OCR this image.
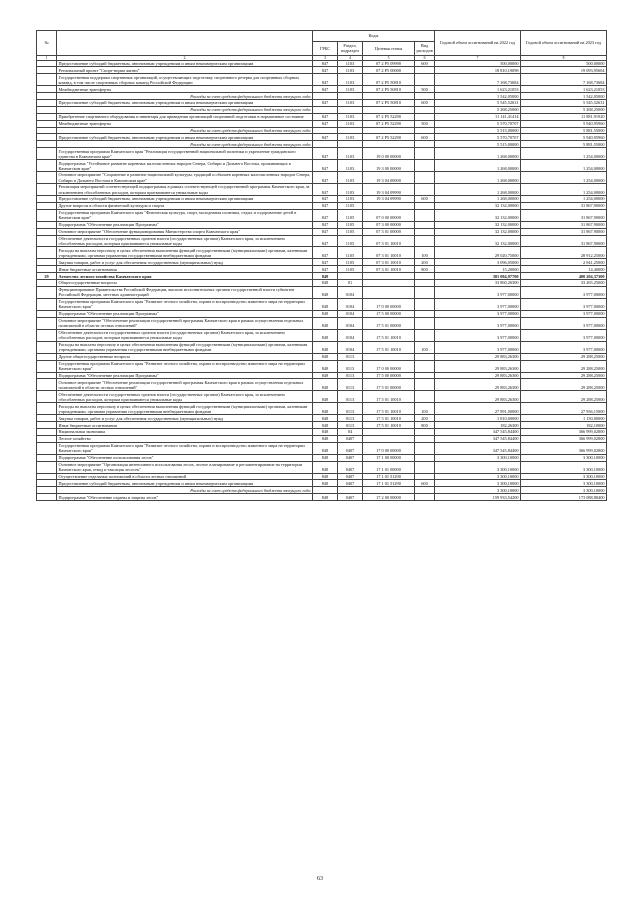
№		Коды				Годовой объем ассигнований на 2022 год	Годовой объем ассигнований на 2023 год
		ГРБС	Раздел, подраздел	Целевая статья	Вид расходов		
1	2	3	4	5	6	7	8
	Предоставление субсидий бюджетным, автономным учреждениям и иным некоммерческим организациям	847	1103	07 2 Р5 09990	600	500,00000	500,00000
	Региональный проект "Спорт-норма жизни"	847	1103	07 2 Р5 00000		18 810,19098	19 093,95604
	Государственная поддержка спортивных организаций, осуществляющих подготовку спортивного резерва для спортивных сборных команд, в том числе спортивных сборных команд Российской Федерации	847	1103	07 2 Р5 50810		7 168,73684	7 168,73684
	Межбюджетные трансферты	847	1103	07 2 Р5 50810	500	1 623,21053	1 623,21053
	Расходы за счет средств федерального бюджета текущего года					1 542,05000	1 542,05000
	Предоставление субсидий бюджетным, автономным учреждениям и иным некоммерческим организациям	847	1103	07 2 Р5 50810	600	5 545,52631	5 545,52631
	Расходы за счет средств федерального бюджета текущего года					5 268,25000	5 268,25000
	Приобретение спортивного оборудования и инвентаря для приведения организаций спортивной подготовки в нормативное состояние	847	1103	07 2 Р5 52290		11 141,41414	11 881,91920
	Межбюджетные трансферты	847	1103	07 2 Р5 52290	500	5 570,70707	5 940,95960
	Расходы за счет средств федерального бюджета текущего года					5 515,00000	5 881,55000
	Предоставление субсидий бюджетным, автономным учреждениям и иным некоммерческим организациям	847	1103	07 2 Р5 52290	600	5 570,70707	5 940,95960
	Расходы за счет средств федерального бюджета текущего года					5 515,00000	5 881,55000
	Государственная программа Камчатского края "Реализация государственной национальной политики и укрепление гражданского единства в Камчатском крае"	847	1103	19 0 00 00000		1 268,00000	1 254,00000
	Подпрограмма "Устойчивое развитие коренных малочисленных народов Севера, Сибири и Дальнего Востока, проживающих в Камчатском крае"	847	1103	19 3 00 00000		1 268,00000	1 254,00000
	Основное мероприятие "Сохранение и развитие национальной культуры, традиций и обычаев коренных малочисленных народов Севера, Сибири и Дальнего Востока в Камчатском крае"	847	1103	19 3 04 00000		1 268,00000	1 254,00000
	Реализация мероприятий соответствующей подпрограммы в рамках соответствующей государственной программы Камчатского края, за исключением обособленных расходов, которым присваиваются уникальные коды	847	1103	19 3 04 09990		1 268,00000	1 254,00000
	Предоставление субсидий бюджетным, автономным учреждениям и иным некоммерческим организациям	847	1103	19 3 04 09990	600	1 268,00000	1 254,00000
	Другие вопросы в области физической культуры и спорта	847	1105			32 132,00000	31 867,90000
	Государственная программа Камчатского края "Физическая культура, спорт, молодежная политика, отдых и оздоровление детей в Камчатском крае"	847	1105	07 0 00 00000		32 132,00000	31 867,90000
	Подпрограмма "Обеспечение реализации Программы"	847	1105	07 3 00 00000		32 132,00000	31 867,90000
	Основное мероприятие "Обеспечение функционирования Министерства спорта Камчатского края"	847	1105	07 3 01 00000		32 132,00000	31 867,90000
	Обеспечение деятельности государственных органов власти (государственных органов) Камчатского края, за исключением обособленных расходов, которым присваиваются уникальные коды	847	1105	07 3 01 10010		32 132,00000	31 867,90000
	Расходы на выплаты персоналу в целях обеспечения выполнения функций государственными (муниципальными) органами, казенными учреждениями, органами управления государственными внебюджетными фондами	847	1105	07 3 01 10010	100	29 020,75000	28 912,25000
	Закупка товаров, работ и услуг для обеспечения государственных (муниципальных) нужд	847	1105	07 3 01 10010	200	3 096,05000	2 941,25000
	Иные бюджетные ассигнования	847	1105	07 3 01 10010	800	15,20000	14,40000
29	Агентство лесного хозяйства Камчатского края	848				381 084,97700	400 204,37300
	Общегосударственные вопросы	848	01			33 860,26300	33 265,25000
	Функционирование Правительства Российской Федерации, высших исполнительных органов государственной власти субъектов Российской Федерации, местных администраций	848	0104			3 977,00000	3 977,00000
	Государственная программа Камчатского края "Развитие лесного хозяйства, охрана и воспроизводство животного мира на территории Камчатского края"	848	0104	17 0 00 00000		3 977,00000	3 977,00000
	Подпрограмма "Обеспечение реализации Программы"	848	0104	17 5 00 00000		3 977,00000	3 977,00000
	Основное мероприятие "Обеспечение реализации государственной программы Камчатского края в рамках осуществления отдельных полномочий в области лесных отношений"	848	0104	17 5 01 00000		3 977,00000	3 977,00000
	Обеспечение деятельности государственных органов власти (государственных органов) Камчатского края, за исключением обособленных расходов, которым присваиваются уникальные коды	848	0104	17 5 01 10010		3 977,00000	3 977,00000
	Расходы на выплаты персоналу в целях обеспечения выполнения функций государственными (муниципальными) органами, казенными учреждениями, органами управления государственными внебюджетными фондами	848	0104	17 5 01 10010	100	3 977,00000	3 977,00000
	Другие общегосударственные вопросы	848	0113			29 883,26300	29 288,25000
	Государственная программа Камчатского края "Развитие лесного хозяйства, охрана и воспроизводство животного мира на территории Камчатского края"	848	0113	17 0 00 00000		29 883,26300	29 288,25000
	Подпрограмма "Обеспечение реализации Программы"	848	0113	17 5 00 00000		29 883,26300	29 288,25000
	Основное мероприятие "Обеспечение реализации государственной программы Камчатского края в рамках осуществления отдельных полномочий в области лесных отношений"	848	0113	17 5 01 00000		29 883,26300	29 288,25000
	Обеспечение деятельности государственных органов власти (государственных органов) Камчатского края, за исключением обособленных расходов, которым присваиваются уникальные коды	848	0113	17 5 01 10010		29 883,26300	29 288,25000
	Расходы на выплаты персоналу в целях обеспечения выполнения функций государственными (муниципальными) органами, казенными учреждениями, органами управления государственными внебюджетными фондами	848	0113	17 5 01 10010	100	27 891,00000	27 956,15000
	Закупка товаров, работ и услуг для обеспечения государственных (муниципальных) нужд	848	0113	17 5 01 10010	200	1 810,00000	1 150,00000
	Иные бюджетные ассигнования	848	0113	17 5 01 10010	800	182,26300	182,10000
	Национальная экономика	848	04			347 545,84400	366 999,02800
	Лесное хозяйство	848	0407			347 545,84400	366 999,02800
	Государственная программа Камчатского края "Развитие лесного хозяйства, охрана и воспроизводство животного мира на территории Камчатского края"	848	0407	17 0 00 00000		347 545,84400	366 999,02800
	Подпрограмма "Обеспечение использования лесов"	848	0407	17 1 00 00000		3 300,10000	3 300,10000
	Основное мероприятие "Организация интенсивного использования лесов, лесное планирование и регламентирование на территории Камчатского края, отвод и таксация лесосек"	848	0407	17 1 01 00000		3 300,10000	3 300,10000
	Осуществление отдельных полномочий в области лесных отношений	848	0407	17 1 01 51290		3 300,10000	3 300,10000
	Предоставление субсидий бюджетным, автономным учреждениям и иным некоммерческим организациям	848	0407	17 1 01 51290	600	3 300,10000	3 300,10000
	Расходы за счет средств федерального бюджета текущего года					3 300,10000	3 300,10000
	Подпрограмма "Обеспечение охраны и защиты лесов"	848	0407	17 2 00 00000		159 933,54200	173 088,88400
63
